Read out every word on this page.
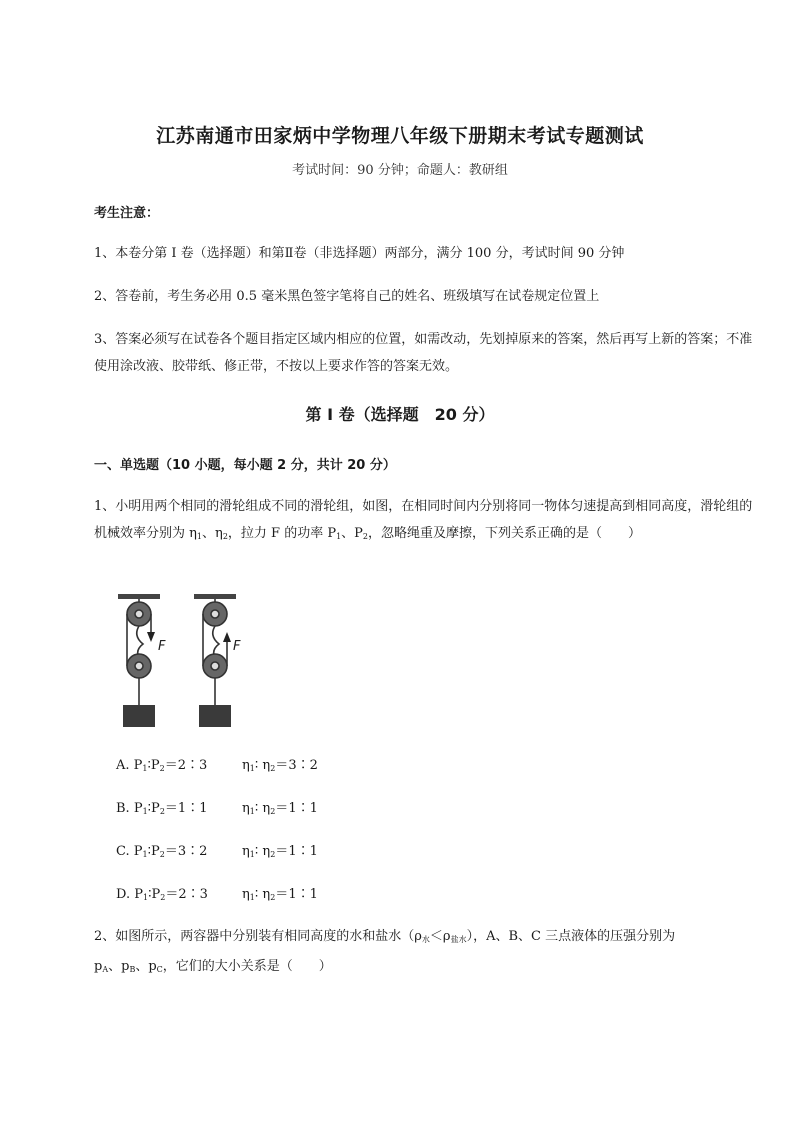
江苏南通市田家炳中学物理八年级下册期末考试专题测试
考试时间：90 分钟；命题人：教研组
考生注意：
1、本卷分第 I 卷（选择题）和第Ⅱ卷（非选择题）两部分，满分 100 分，考试时间 90 分钟
2、答卷前，考生务必用 0.5 毫米黑色签字笔将自己的姓名、班级填写在试卷规定位置上
3、答案必须写在试卷各个题目指定区域内相应的位置，如需改动，先划掉原来的答案，然后再写上新的答案；不准使用涂改液、胶带纸、修正带，不按以上要求作答的答案无效。
第 I 卷（选择题　20 分）
一、单选题（10 小题，每小题 2 分，共计 20 分）
1、小明用两个相同的滑轮组成不同的滑轮组，如图，在相同时间内分别将同一物体匀速提高到相同高度，滑轮组的机械效率分别为 $\eta_1$、$\eta_2$，拉力 F 的功率 $P_1$、$P_2$，忽略绳重及摩擦，下列关系正确的是（　　）
F	F
A. $P_1∶P_2=2∶3$	$\eta_1∶$ $\eta_2=3∶2$
B. $P_1∶P_2=1∶1$	$\eta_1∶$ $\eta_2=1∶1$
C. $P_1∶P_2=3∶2$	$\eta_1∶$ $\eta_2=1∶1$
D. $P_1∶P_2=2∶3$	$\eta_1∶$ $\eta_2=1∶1$
2、如图所示，两容器中分别装有相同高度的水和盐水$(\rho_水<\rho_{盐水})$，A、B、C 三点液体的压强分别为
$p_A$、$p_B$、$p_C$，它们的大小关系是（　　）
